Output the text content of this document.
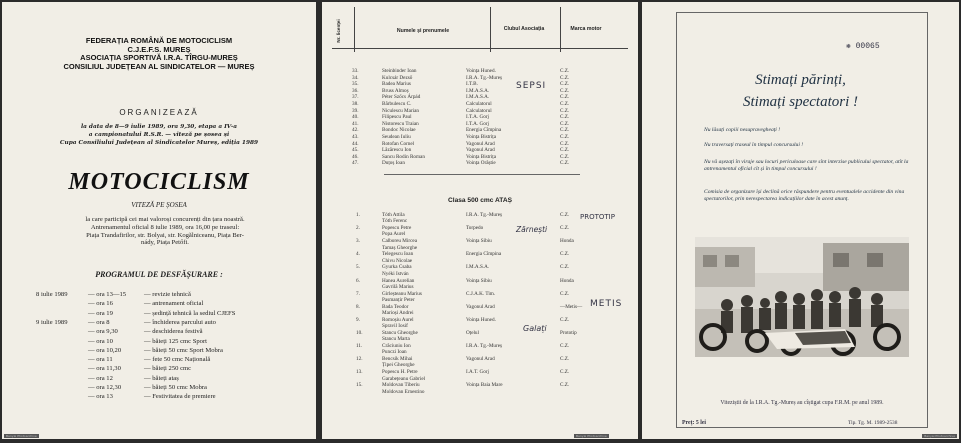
FEDERAȚIA ROMÂNĂ DE MOTOCICLISM
C.J.E.F.S. MUREȘ
ASOCIAȚIA SPORTIVĂ I.R.A. TÎRGU-MUREȘ
CONSILIUL JUDEȚEAN AL SINDICATELOR — MUREȘ
ORGANIZEAZĂ
la data de 8—9 iulie 1989, ora 9,30, etapa a IV-a
a campionatului R.S.R. — viteză pe șosea și
Cupa Consiliului Județean al Sindicatelor Mureș, ediția 1989
MOTOCICLISM
VITEZĂ PE ȘOSEA
la care participă cei mai valoroși concurenți din țara noastră.
Antrenamentul oficial 8 iulie 1989, ora 16,00 pe traseul:
Piața Trandafirilor, str. Bolyai, str. Kogălniceanu, Piața Ber-
nády, Piața Petőfi.
PROGRAMUL DE DESFĂȘURARE :
8 iulie 1989	— ora 13—15	— revizie tehnică
— ora 16	— antrenament oficial
— ora 19	— ședință tehnică la sediul CJEFS
9 iulie 1989	— ora 8	— închiderea parcului auto
— ora 9,30	— deschiderea festivă
— ora 10	— băieți 125 cmc Sport
— ora 10,20	— băieți 50 cmc Sport Mobra
— ora 11	— fete 50 cmc Națională
— ora 11,30	— băieți 250 cmc
— ora 12	— băieți ataș
— ora 12,30	— băieți 50 cmc Mobra
— ora 13	— Festivitatea de premiere
Banyai Photoarchive
Nr. licenței	Numele și prenumele	Clubul Asociația	Marca motor
33.	Steinbinder Ioan	Voința Huned.	C.Z.
34.	Kulcsár Dezső	I.R.A. Tg.-Mureș	C.Z.
35.	Badea Marius	I.T.B.	C.Z.
36.	Bruss Almoș	I.M.A.S.A.	C.Z.
37.	Péter Szőcs Árpád	I.M.A.S.A.	C.Z.
38.	Bărbulescu C.	Calculatorul	C.Z.
39.	Niculescu Marian	Calculatorul	C.Z.
40.	Filipescu Paul	I.T.A. Gorj	C.Z.
41.	Nistorescu Traian	I.T.A. Gorj	C.Z.
42.	Bondoc Nicolae	Energia Cîmpina	C.Z.
43.	Seudean Iuliu	Voința Bistrița	C.Z.
44.	Rotofan Cornel	Vagonul Arad	C.Z.
45.	Lăzărescu Ion	Vagonul Arad	C.Z.
46.	Sancu Rodin Roman	Voința Bistrița	C.Z.
47.	Duțoș Ioan	Voința Orăștie	C.Z.
Clasa 500 cmc ATAȘ
1.	Tóth Attila	I.R.A. Tg.-Mureș	C.Z.
Tóth Ferenc
2.	Popescu Petre	Torpedo	C.Z.
Popa Aurel
3.	Calboreu Mircea	Voința Sibiu	Honda
Tamaș Gheorghe
4.	Telegescu Ioan	Energia Cîmpina	C.Z.
Chivu Nicolae
5.	Gyurka Csaba	I.M.A.S.A.	C.Z.
Nyéki István
6.	Hanea Aurelian	Voința Sibiu	Honda
Gavrilă Marius
7.	Girleșteanu Marius	C.J.A.K. Tim.	C.Z.
Pasmanțir Peter
8.	Bada Teodor	Vagonul Arad	—Metis—
Marioși Andrei
9.	Romoșiu Aurel	Voința Huned.	C.Z.
Spravil Iosif
10.	Stancu Gheorghe	Oțelul	Prototip
Stancu Marta
11.	Crăciuniu Ion	I.R.A. Tg.-Mureș	C.Z.
Punczi Ioan
12.	Bencsik Mihai	Vagonul Arad	C.Z.
Țipei Gheorghe
13.	Popescu H. Petre	I.A.T. Gorj	C.Z.
Garabețeanu Gabriel
15.	Moldovan Tiberiu	Voința Baia Mare	C.Z.
Moldovan Ernestino
SEPSI
PROTOTIP
Zărnești
METIS
Galați
Banyai Photoarchive
❋ 00065
Stimați părinți,
Stimați spectatori !
Nu lăsați copiii nesupravegheați !
Nu traversați traseul în timpul concursului !
Nu vă așezați în viraje sau locuri periculoase care sînt interzise publicului spectator, atît la antrenamentul oficial cît și în timpul concursului !
Comisia de organizare își declină orice răspundere pentru eventualele accidente din vina spectatorilor, prin nerespectarea indicațiilor date în acest anunț.
Viteziștii de la I.R.A. Tg.-Mureș au cîștigat cupa F.R.M. pe anul 1989.
Preț: 5 lei	Tip. Tg. M. 1989-2538
Banyai Photoarchive
